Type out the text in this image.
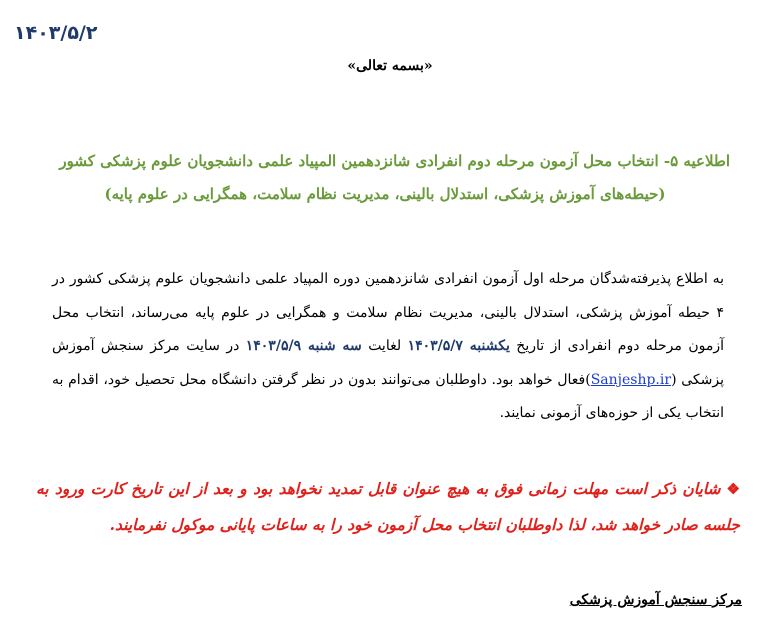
۱۴۰۳/۵/۲
«بسمه تعالی»
اطلاعیه ۵- انتخاب محل آزمون مرحله دوم انفرادی شانزدهمین المپیاد علمی دانشجویان علوم پزشکی کشور
(حیطه‌های آموزش پزشکی، استدلال بالینی، مدیریت نظام سلامت، همگرایی در علوم پایه)
به اطلاع پذیرفته‌شدگان مرحله اول آزمون انفرادی شانزدهمین دوره المپیاد علمی دانشجویان علوم پزشکی کشور در ۴ حیطه آموزش پزشکی، استدلال بالینی، مدیریت نظام سلامت و همگرایی در علوم پایه می‌رساند، انتخاب محل آزمون مرحله دوم انفرادی از تاریخ یکشنبه ۱۴۰۳/۵/۷ لغایت سه شنبه ۱۴۰۳/۵/۹ در سایت مرکز سنجش آموزش پزشکی (Sanjeshp.ir)فعال خواهد بود. داوطلبان می‌توانند بدون در نظر گرفتن دانشگاه محل تحصیل خود، اقدام به انتخاب یکی از حوزه‌های آزمونی نمایند.
❖شایان ذکر است مهلت زمانی فوق به هیچ عنوان قابل تمدید نخواهد بود و بعد از این تاریخ کارت ورود به جلسه صادر خواهد شد، لذا داوطلبان انتخاب محل آزمون خود را به ساعات پایانی موکول نفرمایند.
مرکز سنجش آموزش پزشکی
